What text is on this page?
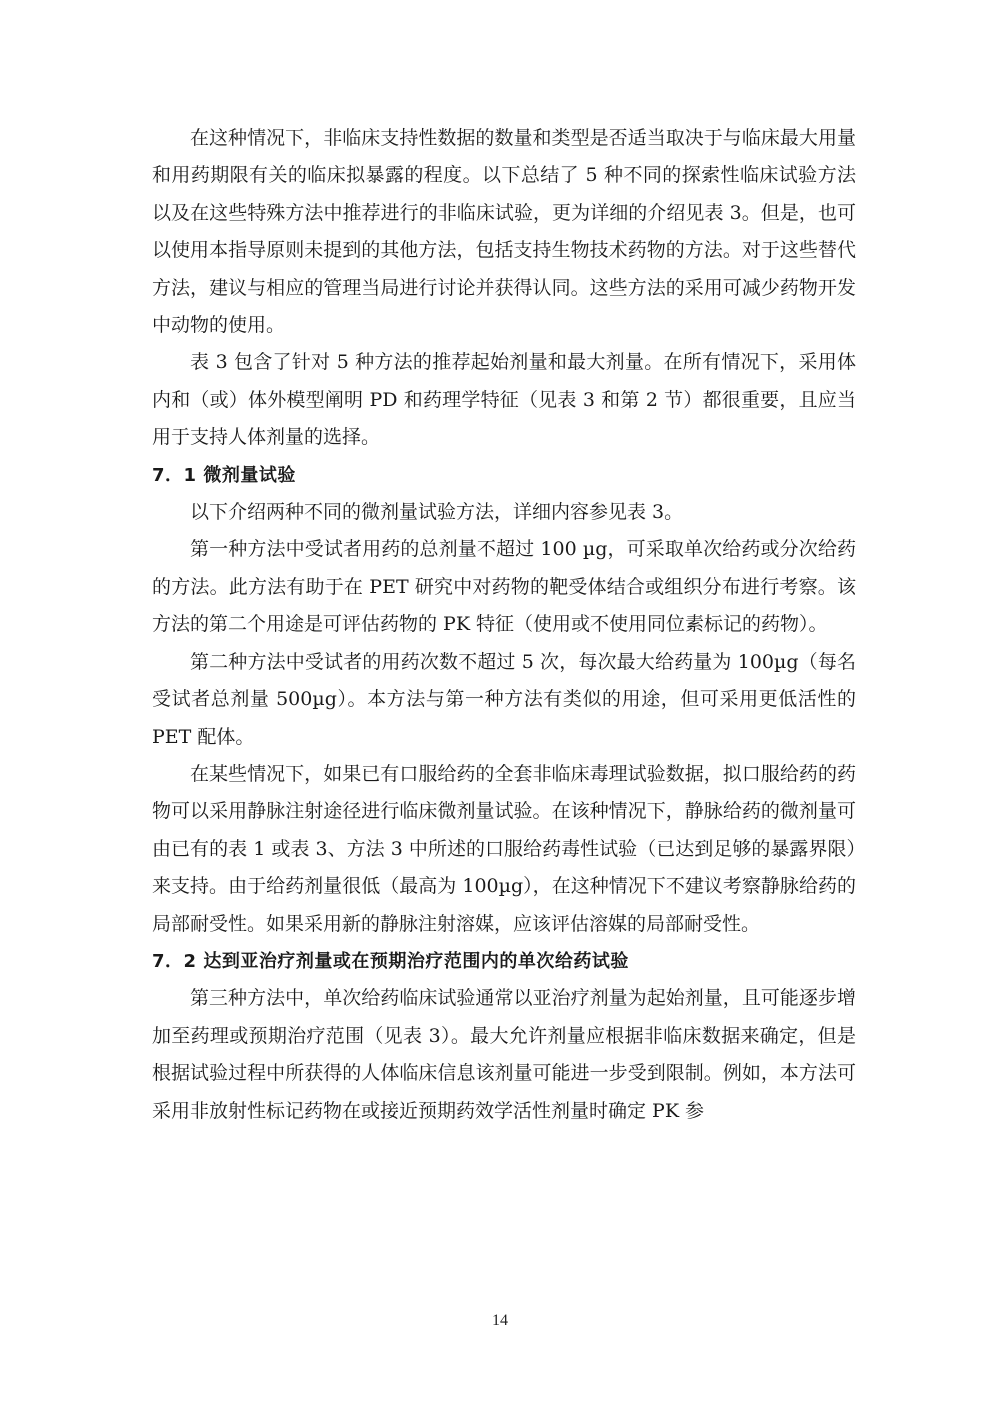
在这种情况下，非临床支持性数据的数量和类型是否适当取决于与临床最大用量和用药期限有关的临床拟暴露的程度。以下总结了 5 种不同的探索性临床试验方法以及在这些特殊方法中推荐进行的非临床试验，更为详细的介绍见表 3。但是，也可以使用本指导原则未提到的其他方法，包括支持生物技术药物的方法。对于这些替代方法，建议与相应的管理当局进行讨论并获得认同。这些方法的采用可减少药物开发中动物的使用。

表 3 包含了针对 5 种方法的推荐起始剂量和最大剂量。在所有情况下，采用体内和（或）体外模型阐明 PD 和药理学特征（见表 3 和第 2 节）都很重要，且应当用于支持人体剂量的选择。

7．1 微剂量试验

以下介绍两种不同的微剂量试验方法，详细内容参见表 3。

第一种方法中受试者用药的总剂量不超过 100 µg，可采取单次给药或分次给药的方法。此方法有助于在 PET 研究中对药物的靶受体结合或组织分布进行考察。该方法的第二个用途是可评估药物的 PK 特征（使用或不使用同位素标记的药物）。

第二种方法中受试者的用药次数不超过 5 次，每次最大给药量为 100µg（每名受试者总剂量 500µg）。本方法与第一种方法有类似的用途，但可采用更低活性的 PET 配体。

在某些情况下，如果已有口服给药的全套非临床毒理试验数据，拟口服给药的药物可以采用静脉注射途径进行临床微剂量试验。在该种情况下，静脉给药的微剂量可由已有的表 1 或表 3、方法 3 中所述的口服给药毒性试验（已达到足够的暴露界限）来支持。由于给药剂量很低（最高为 100µg），在这种情况下不建议考察静脉给药的局部耐受性。如果采用新的静脉注射溶媒，应该评估溶媒的局部耐受性。

7．2 达到亚治疗剂量或在预期治疗范围内的单次给药试验

第三种方法中，单次给药临床试验通常以亚治疗剂量为起始剂量，且可能逐步增加至药理或预期治疗范围（见表 3）。最大允许剂量应根据非临床数据来确定，但是根据试验过程中所获得的人体临床信息该剂量可能进一步受到限制。例如，本方法可采用非放射性标记药物在或接近预期药效学活性剂量时确定 PK 参

14
